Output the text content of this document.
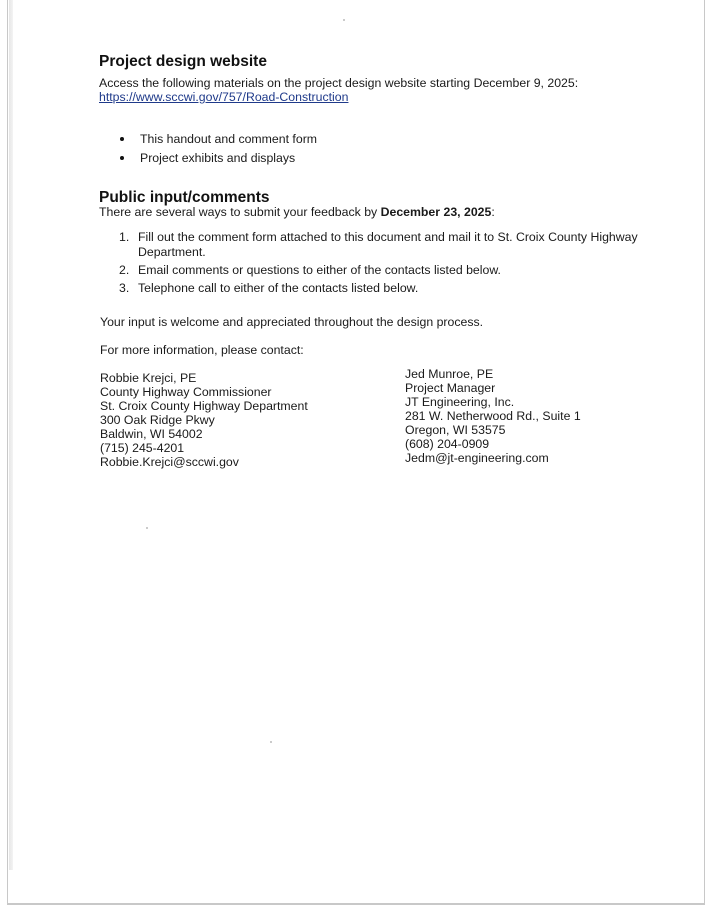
Project design website
Access the following materials on the project design website starting December 9, 2025:
https://www.sccwi.gov/757/Road-Construction
This handout and comment form
Project exhibits and displays
Public input/comments
There are several ways to submit your feedback by December 23, 2025:
1. Fill out the comment form attached to this document and mail it to St. Croix County Highway Department.
2. Email comments or questions to either of the contacts listed below.
3. Telephone call to either of the contacts listed below.
Your input is welcome and appreciated throughout the design process.
For more information, please contact:
Robbie Krejci, PE
County Highway Commissioner
St. Croix County Highway Department
300 Oak Ridge Pkwy
Baldwin, WI 54002
(715) 245-4201
Robbie.Krejci@sccwi.gov
Jed Munroe, PE
Project Manager
JT Engineering, Inc.
281 W. Netherwood Rd., Suite 1
Oregon, WI 53575
(608) 204-0909
Jedm@jt-engineering.com
